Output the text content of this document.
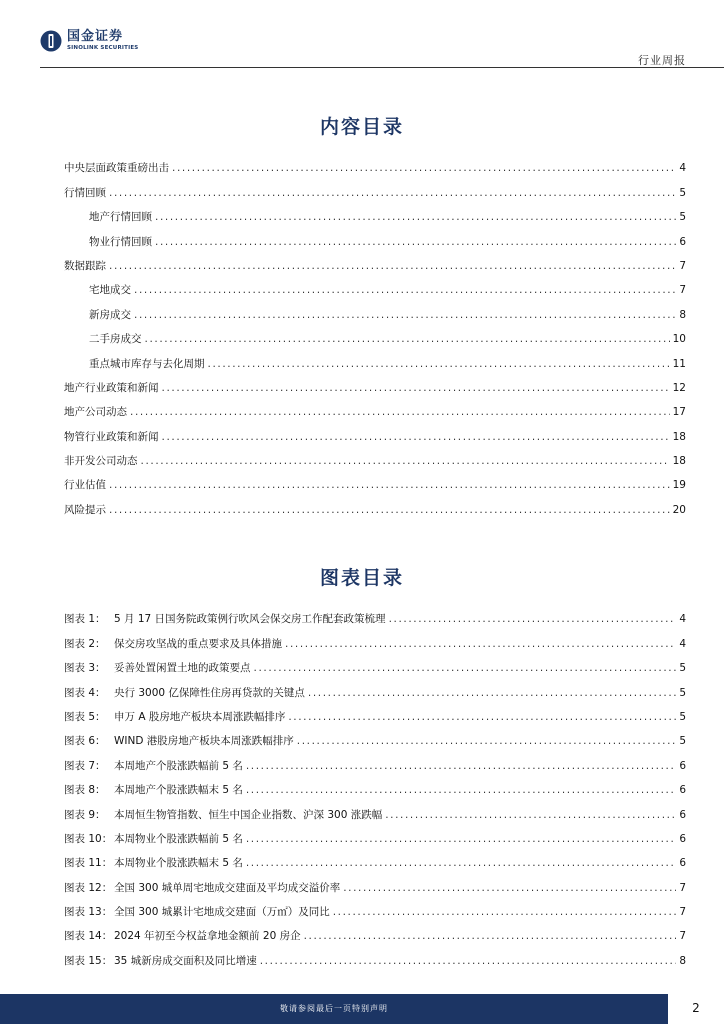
国金证券
SINOLINK SECURITIES
行业周报
内容目录
中央层面政策重磅出击 .....	4
行情回顾 .....	5
地产行情回顾 .....	5
物业行情回顾 .....	6
数据跟踪 .....	7
宅地成交 .....	7
新房成交 .....	8
二手房成交 .....	10
重点城市库存与去化周期 .....	11
地产行业政策和新闻 .....	12
地产公司动态 .....	17
物管行业政策和新闻 .....	18
非开发公司动态 .....	18
行业估值 .....	19
风险提示 .....	20
图表目录
图表 1： 5 月 17 日国务院政策例行吹风会保交房工作配套政策梳理 .....	4
图表 2： 保交房攻坚战的重点要求及具体措施 .....	4
图表 3： 妥善处置闲置土地的政策要点 .....	5
图表 4： 央行 3000 亿保障性住房再贷款的关键点 .....	5
图表 5： 申万 A 股房地产板块本周涨跌幅排序 .....	5
图表 6： WIND 港股房地产板块本周涨跌幅排序 .....	5
图表 7： 本周地产个股涨跌幅前 5 名 .....	6
图表 8： 本周地产个股涨跌幅末 5 名 .....	6
图表 9： 本周恒生物管指数、恒生中国企业指数、沪深 300 涨跌幅 .....	6
图表 10： 本周物业个股涨跌幅前 5 名 .....	6
图表 11： 本周物业个股涨跌幅末 5 名 .....	6
图表 12： 全国 300 城单周宅地成交建面及平均成交溢价率 .....	7
图表 13： 全国 300 城累计宅地成交建面（万㎡）及同比 .....	7
图表 14： 2024 年初至今权益拿地金额前 20 房企 .....	7
图表 15： 35 城新房成交面积及同比增速 .....	8
敬请参阅最后一页特别声明	2
